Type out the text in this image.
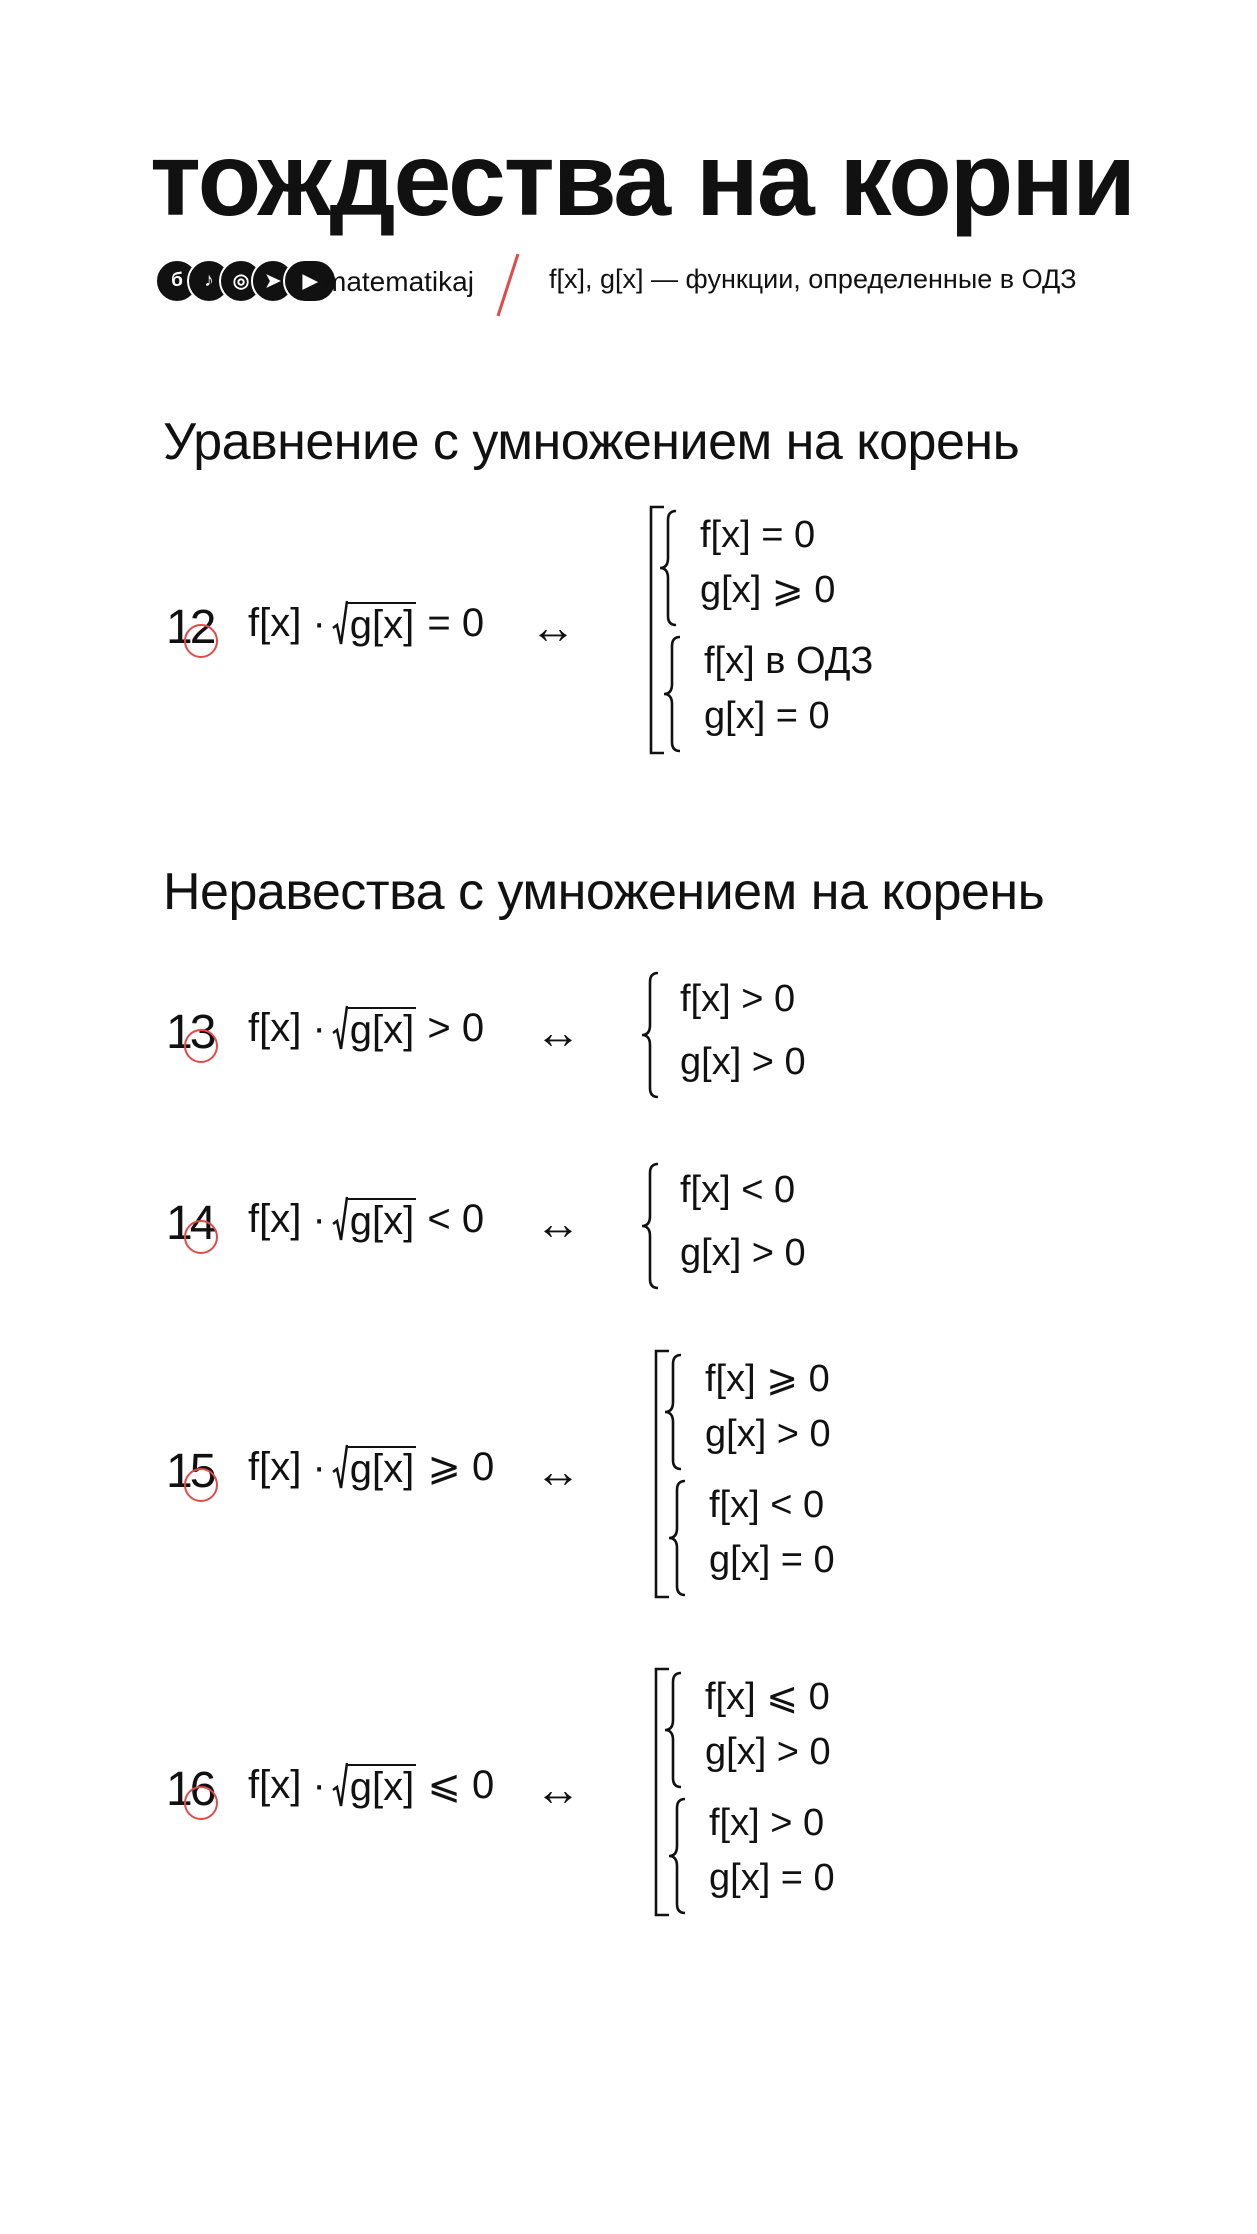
тождества на корни
б	♪ ◎ ➤	▶ matematikaj	f[x], g[x] — функции, определенные в ОДЗ
Уравнение с умножением на корень
Неравества с умножением на корень
12 f[x] · g[x] = 0 ↔
f[x] = 0
g[x] ⩾ 0
f[x] в ОДЗ
g[x] = 0
13 f[x] · g[x] > 0 ↔
f[x] > 0
g[x] > 0
14 f[x] · g[x] < 0 ↔
f[x] < 0
g[x] > 0
15 f[x] · g[x] ⩾ 0 ↔
f[x] ⩾ 0
g[x] > 0
f[x] < 0
g[x] = 0
16 f[x] · g[x] ⩽ 0 ↔
f[x] ⩽ 0
g[x] > 0
f[x] > 0
g[x] = 0
